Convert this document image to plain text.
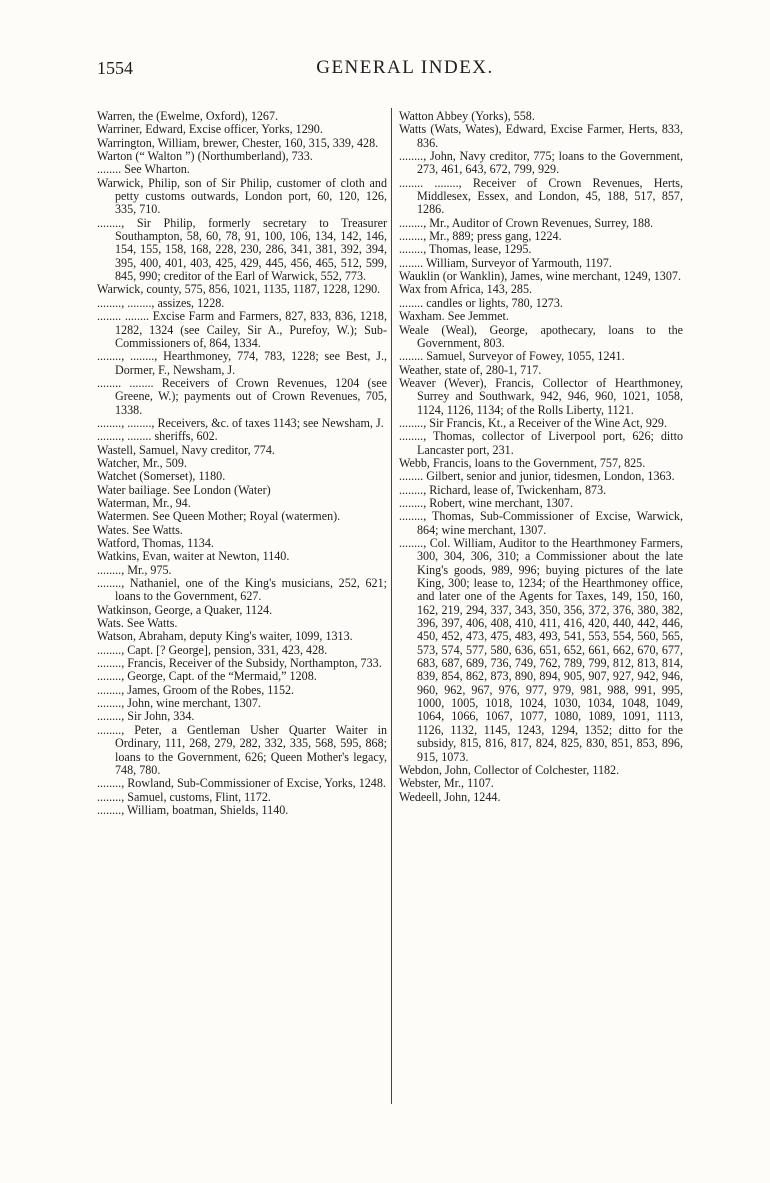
1554	GENERAL INDEX.
Warren, the (Ewelme, Oxford), 1267.
Warriner, Edward, Excise officer, Yorks, 1290.
Warrington, William, brewer, Chester, 160, 315, 339, 428.
Warton (“ Walton ”) (Northumberland), 733.
........ See Wharton.
Warwick, Philip, son of Sir Philip, customer of cloth and petty customs outwards, London port, 60, 120, 126, 335, 710.
........, Sir Philip, formerly secretary to Treasurer Southampton, 58, 60, 78, 91, 100, 106, 134, 142, 146, 154, 155, 158, 168, 228, 230, 286, 341, 381, 392, 394, 395, 400, 401, 403, 425, 429, 445, 456, 465, 512, 599, 845, 990; creditor of the Earl of Warwick, 552, 773.
Warwick, county, 575, 856, 1021, 1135, 1187, 1228, 1290.
........, ........, assizes, 1228.
........ ........ Excise Farm and Farmers, 827, 833, 836, 1218, 1282, 1324 (see Cailey, Sir A., Purefoy, W.); Sub-Commissioners of, 864, 1334.
........, ........, Hearthmoney, 774, 783, 1228; see Best, J., Dormer, F., Newsham, J.
........ ........ Receivers of Crown Revenues, 1204 (see Greene, W.); payments out of Crown Revenues, 705, 1338.
........, ........, Receivers, &c. of taxes 1143; see Newsham, J.
........, ........ sheriffs, 602.
Wastell, Samuel, Navy creditor, 774.
Watcher, Mr., 509.
Watchet (Somerset), 1180.
Water bailiage. See London (Water)
Waterman, Mr., 94.
Watermen. See Queen Mother; Royal (watermen).
Wates. See Watts.
Watford, Thomas, 1134.
Watkins, Evan, waiter at Newton, 1140.
........, Mr., 975.
........, Nathaniel, one of the King's musicians, 252, 621; loans to the Government, 627.
Watkinson, George, a Quaker, 1124.
Wats. See Watts.
Watson, Abraham, deputy King's waiter, 1099, 1313.
........, Capt. [? George], pension, 331, 423, 428.
........, Francis, Receiver of the Subsidy, Northampton, 733.
........, George, Capt. of the “Mermaid,” 1208.
........, James, Groom of the Robes, 1152.
........, John, wine merchant, 1307.
........, Sir John, 334.
........, Peter, a Gentleman Usher Quarter Waiter in Ordinary, 111, 268, 279, 282, 332, 335, 568, 595, 868; loans to the Government, 626; Queen Mother's legacy, 748, 780.
........, Rowland, Sub-Commissioner of Excise, Yorks, 1248.
........, Samuel, customs, Flint, 1172.
........, William, boatman, Shields, 1140.
Watton Abbey (Yorks), 558.
Watts (Wats, Wates), Edward, Excise Farmer, Herts, 833, 836.
........, John, Navy creditor, 775; loans to the Government, 273, 461, 643, 672, 799, 929.
........ ........, Receiver of Crown Revenues, Herts, Middlesex, Essex, and London, 45, 188, 517, 857, 1286.
........, Mr., Auditor of Crown Revenues, Surrey, 188.
........, Mr., 889; press gang, 1224.
........, Thomas, lease, 1295.
........ William, Surveyor of Yarmouth, 1197.
Wauklin (or Wanklin), James, wine merchant, 1249, 1307.
Wax from Africa, 143, 285.
........ candles or lights, 780, 1273.
Waxham. See Jemmet.
Weale (Weal), George, apothecary, loans to the Government, 803.
........ Samuel, Surveyor of Fowey, 1055, 1241.
Weather, state of, 280-1, 717.
Weaver (Wever), Francis, Collector of Hearthmoney, Surrey and Southwark, 942, 946, 960, 1021, 1058, 1124, 1126, 1134; of the Rolls Liberty, 1121.
........, Sir Francis, Kt., a Receiver of the Wine Act, 929.
........, Thomas, collector of Liverpool port, 626; ditto Lancaster port, 231.
Webb, Francis, loans to the Government, 757, 825.
........ Gilbert, senior and junior, tidesmen, London, 1363.
........, Richard, lease of, Twickenham, 873.
........, Robert, wine merchant, 1307.
........, Thomas, Sub-Commissioner of Excise, Warwick, 864; wine merchant, 1307.
........, Col. William, Auditor to the Hearthmoney Farmers, 300, 304, 306, 310; a Commissioner about the late King's goods, 989, 996; buying pictures of the late King, 300; lease to, 1234; of the Hearthmoney office, and later one of the Agents for Taxes, 149, 150, 160, 162, 219, 294, 337, 343, 350, 356, 372, 376, 380, 382, 396, 397, 406, 408, 410, 411, 416, 420, 440, 442, 446, 450, 452, 473, 475, 483, 493, 541, 553, 554, 560, 565, 573, 574, 577, 580, 636, 651, 652, 661, 662, 670, 677, 683, 687, 689, 736, 749, 762, 789, 799, 812, 813, 814, 839, 854, 862, 873, 890, 894, 905, 907, 927, 942, 946, 960, 962, 967, 976, 977, 979, 981, 988, 991, 995, 1000, 1005, 1018, 1024, 1030, 1034, 1048, 1049, 1064, 1066, 1067, 1077, 1080, 1089, 1091, 1113, 1126, 1132, 1145, 1243, 1294, 1352; ditto for the subsidy, 815, 816, 817, 824, 825, 830, 851, 853, 896, 915, 1073.
Webdon, John, Collector of Colchester, 1182.
Webster, Mr., 1107.
Wedeell, John, 1244.
